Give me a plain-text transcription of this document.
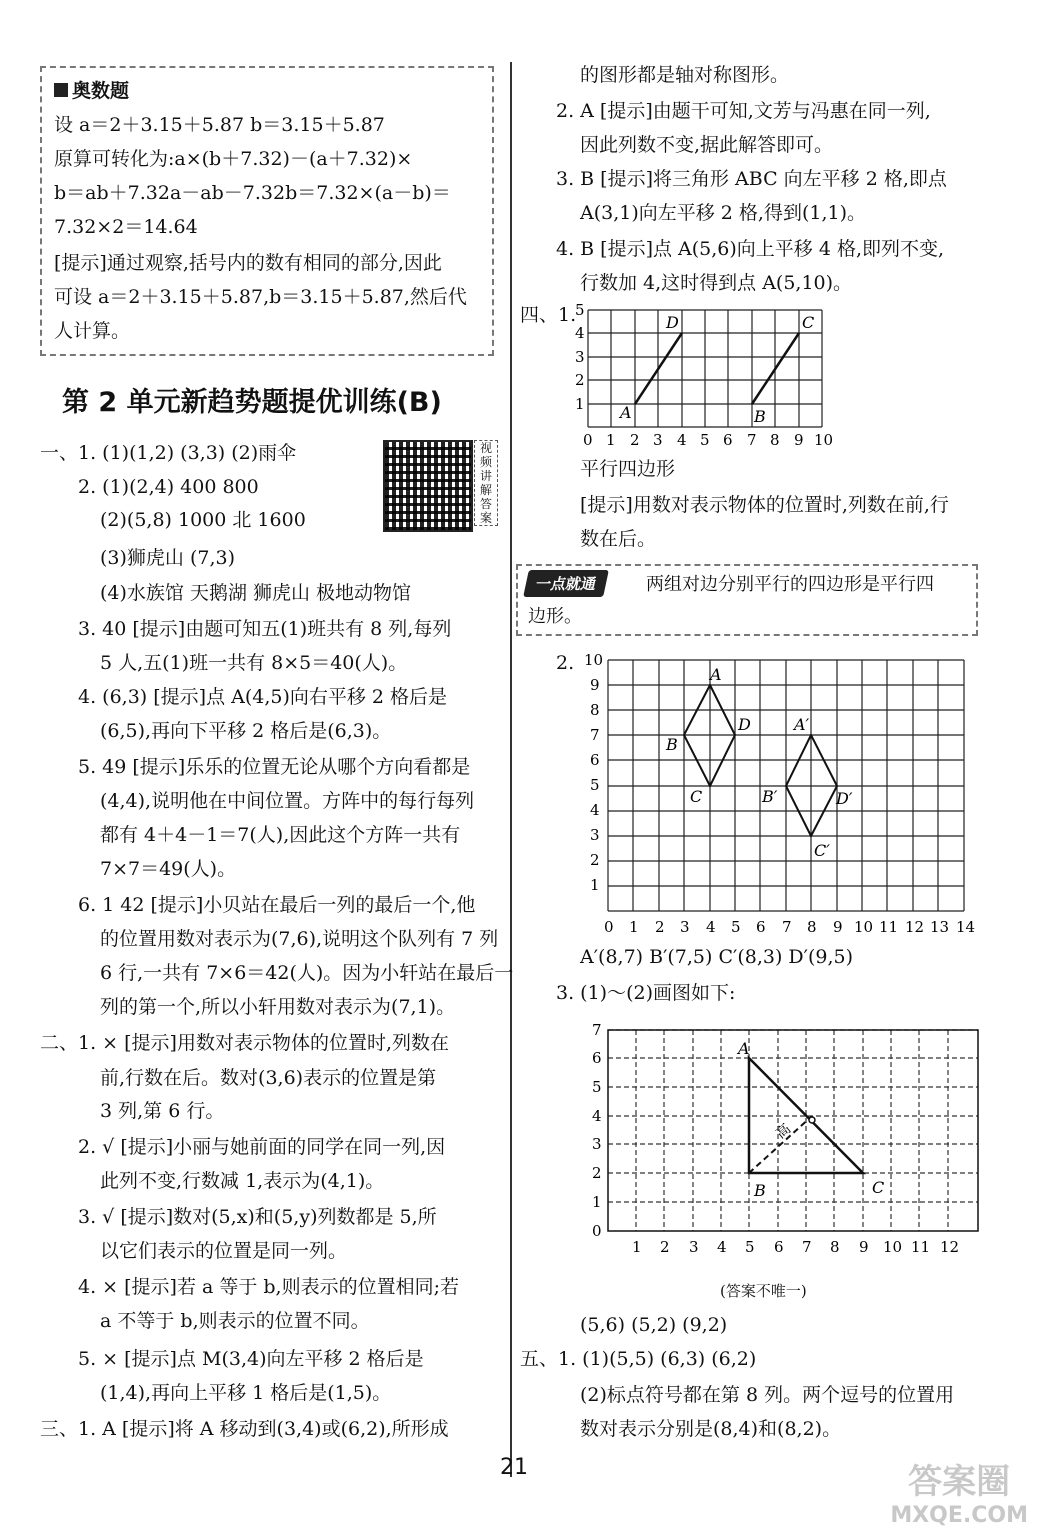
奥数题
设 a＝2＋3.15＋5.87 b＝3.15＋5.87
原算可转化为:a×(b＋7.32)－(a＋7.32)×
b＝ab＋7.32a－ab－7.32b＝7.32×(a－b)＝
7.32×2＝14.64
[提示]通过观察,括号内的数有相同的部分,因此
可设 a＝2＋3.15＋5.87,b＝3.15＋5.87,然后代
人计算。
第 2 单元新趋势题提优训练(B)
视频讲解答案
一、1. (1)(1,2) (3,3) (2)雨伞
2. (1)(2,4) 400 800
(2)(5,8) 1000 北 1600
(3)狮虎山 (7,3)
(4)水族馆 天鹅湖 狮虎山 极地动物馆
3. 40 [提示]由题可知五(1)班共有 8 列,每列
5 人,五(1)班一共有 8×5＝40(人)。
4. (6,3) [提示]点 A(4,5)向右平移 2 格后是
(6,5),再向下平移 2 格后是(6,3)。
5. 49 [提示]乐乐的位置无论从哪个方向看都是
(4,4),说明他在中间位置。方阵中的每行每列
都有 4＋4－1＝7(人),因此这个方阵一共有
7×7＝49(人)。
6. 1 42 [提示]小贝站在最后一列的最后一个,他
的位置用数对表示为(7,6),说明这个队列有 7 列
6 行,一共有 7×6＝42(人)。因为小轩站在最后一
列的第一个,所以小轩用数对表示为(7,1)。
二、1. × [提示]用数对表示物体的位置时,列数在
前,行数在后。数对(3,6)表示的位置是第
3 列,第 6 行。
2. √ [提示]小丽与她前面的同学在同一列,因
此列不变,行数减 1,表示为(4,1)。
3. √ [提示]数对(5,x)和(5,y)列数都是 5,所
以它们表示的位置是同一列。
4. × [提示]若 a 等于 b,则表示的位置相同;若
a 不等于 b,则表示的位置不同。
5. × [提示]点 M(3,4)向左平移 2 格后是
(1,4),再向上平移 1 格后是(1,5)。
三、1. A [提示]将 A 移动到(3,4)或(6,2),所形成
的图形都是轴对称图形。
2. A [提示]由题干可知,文芳与冯惠在同一列,
因此列数不变,据此解答即可。
3. B [提示]将三角形 ABC 向左平移 2 格,即点
A(3,1)向左平移 2 格,得到(1,1)。
4. B [提示]点 A(5,6)向上平移 4 格,即列不变,
行数加 4,这时得到点 A(5,10)。
四、1.
平行四边形
[提示]用数对表示物体的位置时,列数在前,行
数在后。
一点就通	两组对边分别平行的四边形是平行四
边形。
2.
A′(8,7) B′(7,5) C′(8,3) D′(9,5)
3. (1)～(2)画图如下:
(答案不唯一)
(5,6) (5,2) (9,2)
五、1. (1)(5,5) (6,3) (6,2)
(2)标点符号都在第 8 列。两个逗号的位置用
数对表示分别是(8,4)和(8,2)。
A
D
B
C
0 1 2 3 4 5 6 7 8 9 10
1
2
3
4
5
A
B
C
D	A′
B′
C′
D′
0 1 2 3 4 5 6 7 8 9 10 11 12 13 14
1
2
3
4
5
6
7
8
9
10
A
B	C
高
1 2 3 4 5 6 7 8 9 10 11 12
0
1
2
3
4
5
6
7
21	答案圈
MXQE.COM
